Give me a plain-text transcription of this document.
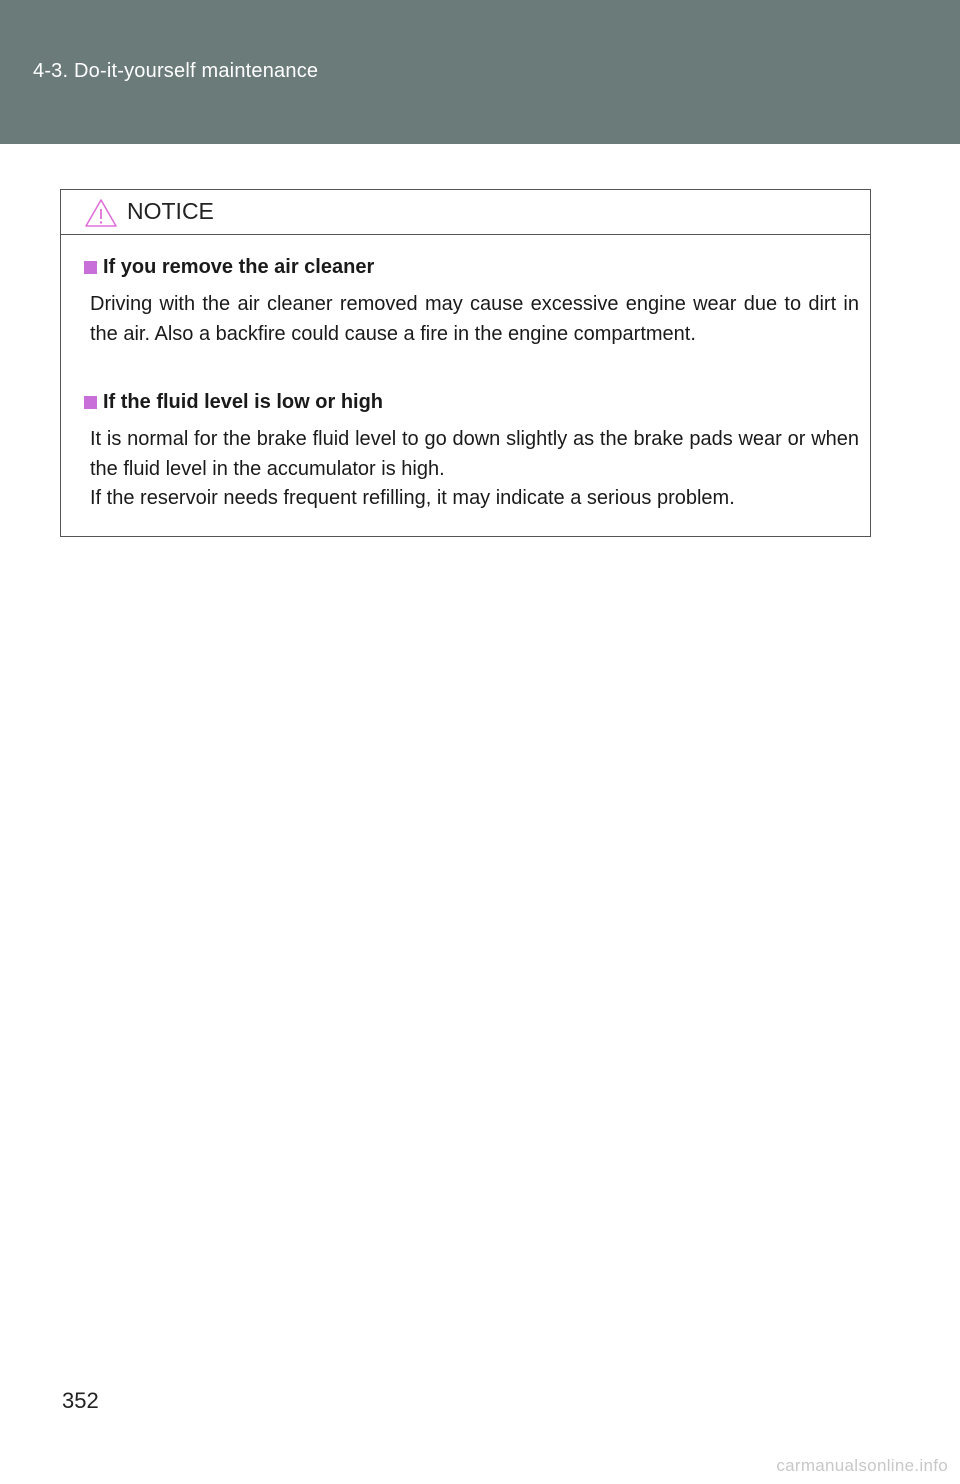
4-3. Do-it-yourself maintenance
NOTICE
If you remove the air cleaner

Driving with the air cleaner removed may cause excessive engine wear due to dirt in the air. Also a backfire could cause a fire in the engine compartment.

If the fluid level is low or high

It is normal for the brake fluid level to go down slightly as the brake pads wear or when the fluid level in the accumulator is high.

If the reservoir needs frequent refilling, it may indicate a serious problem.

352
carmanualsonline.info
